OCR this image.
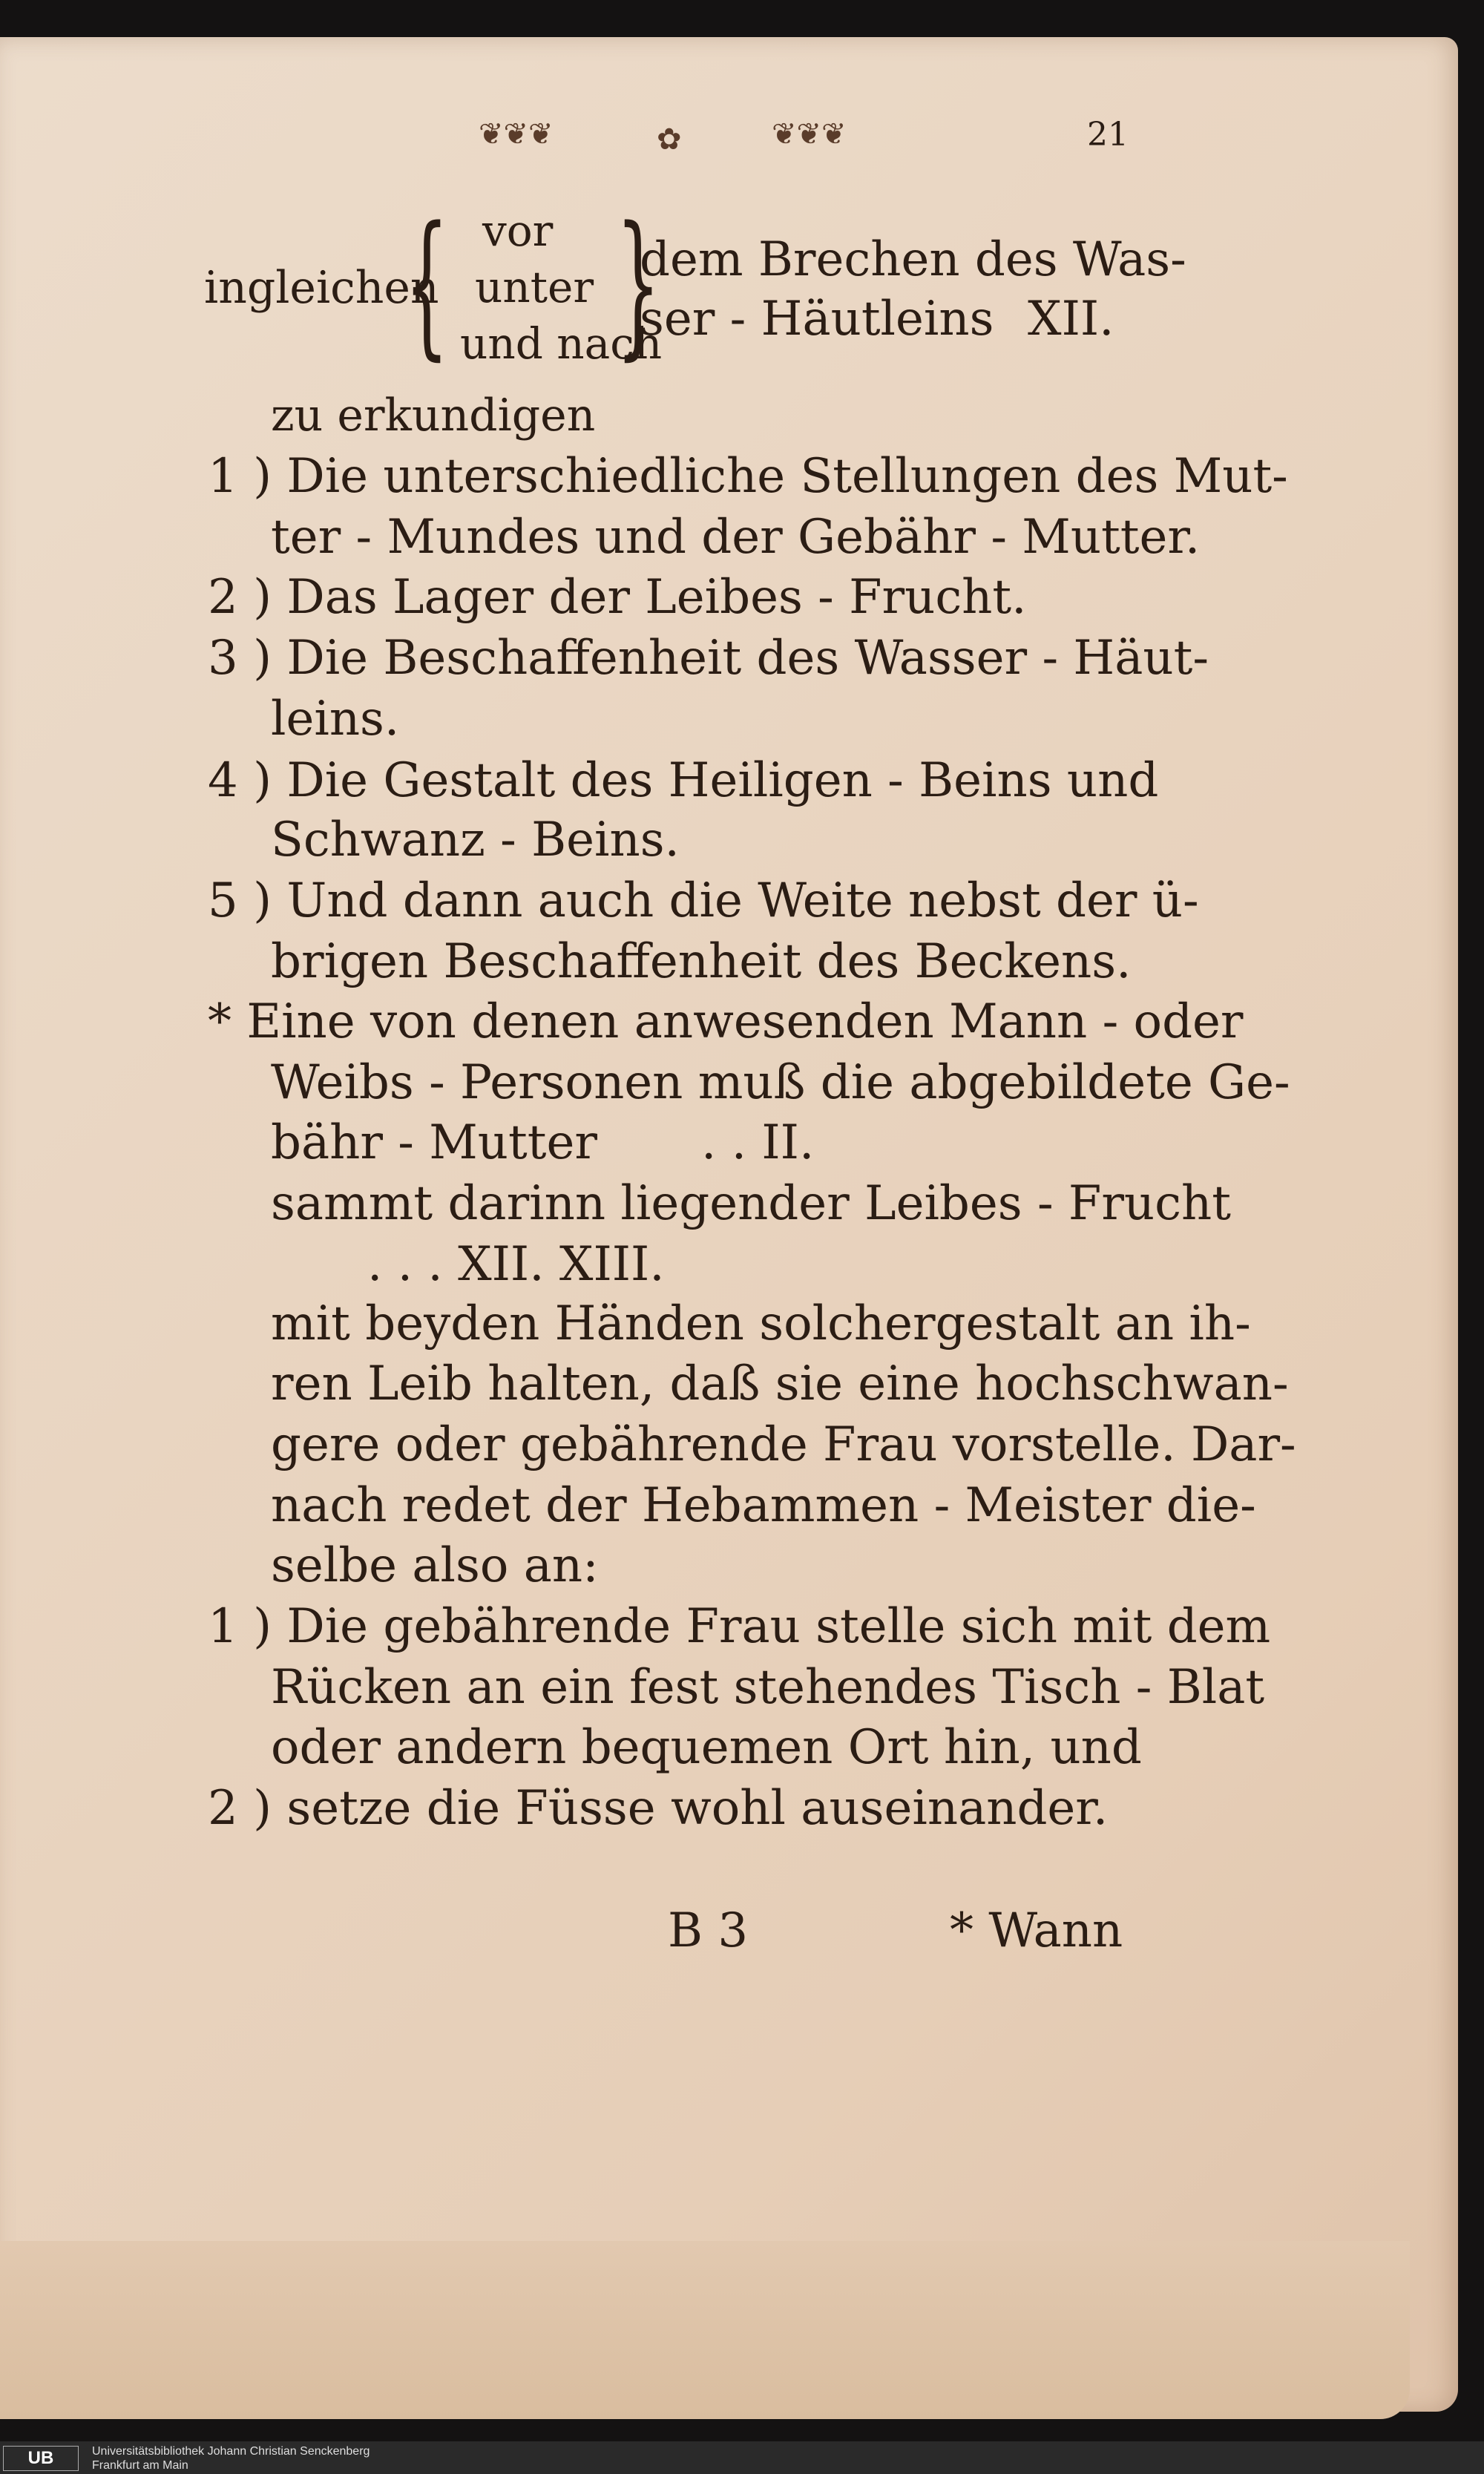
❦❦❦	✿	❦❦❦	21
ingleichen
{ vor
unter
und nach
}
dem Brechen des Was-
ser - Häutleins XII.
zu erkundigen
1 ) Die unterschiedliche Stellungen des Mut-
ter - Mundes und der Gebähr - Mutter.
2 ) Das Lager der Leibes - Frucht.
3 ) Die Beschaffenheit des Wasser - Häut-
leins.
4 ) Die Gestalt des Heiligen - Beins und
Schwanz - Beins.
5 ) Und dann auch die Weite nebst der ü-
brigen Beschaffenheit des Beckens.
* Eine von denen anwesenden Mann - oder
Weibs - Personen muß die abgebildete Ge-
bähr - Mutter . . II.
sammt darinn liegender Leibes - Frucht
. . . XII. XIII.
mit beyden Händen solchergestalt an ih-
ren Leib halten, daß sie eine hochschwan-
gere oder gebährende Frau vorstelle. Dar-
nach redet der Hebammen - Meister die-
selbe also an:
1 ) Die gebährende Frau stelle sich mit dem
Rücken an ein fest stehendes Tisch - Blat
oder andern bequemen Ort hin, und
2 ) setze die Füsse wohl auseinander.
B 3	* Wann
UB	Universitätsbibliothek Johann Christian Senckenberg
Frankfurt am Main
